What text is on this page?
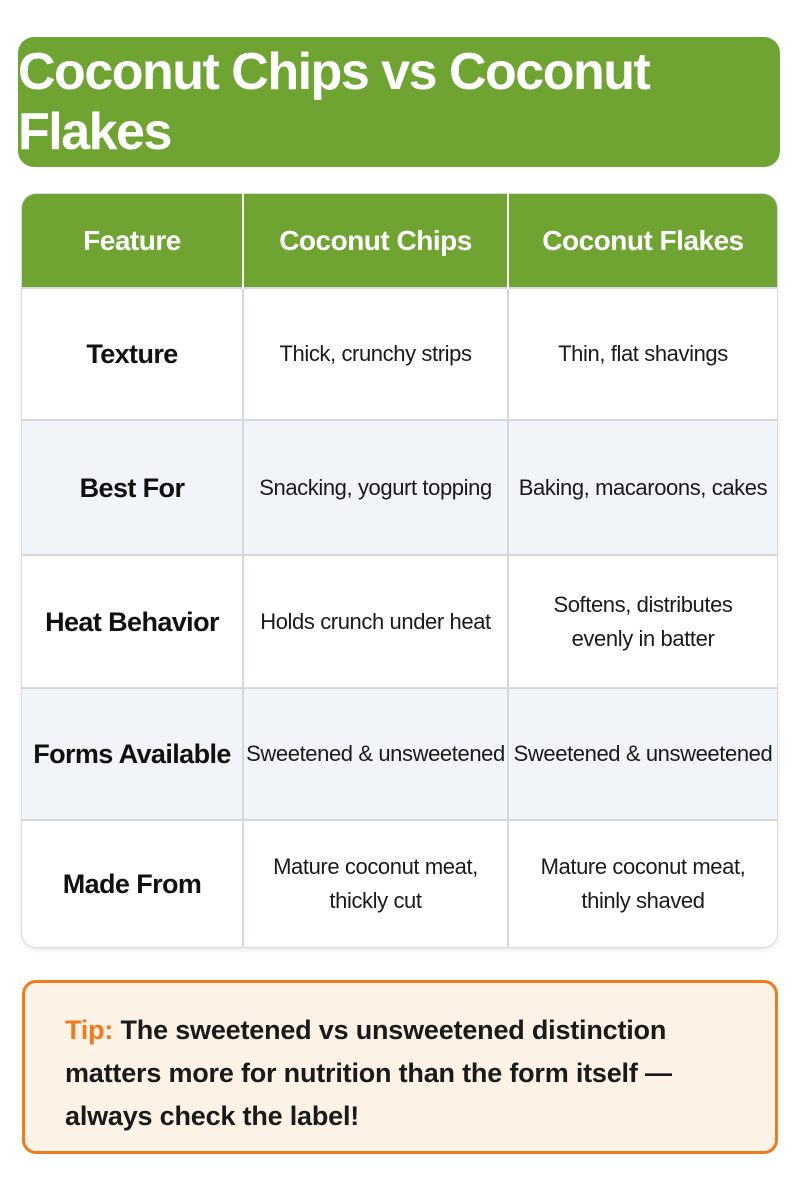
Coconut Chips vs Coconut Flakes
Feature	Coconut Chips	Coconut Flakes
Texture	Thick, crunchy strips	Thin, flat shavings
Best For	Snacking, yogurt topping	Baking, macaroons, cakes
Heat Behavior	Holds crunch under heat	Softens, distributes evenly in batter
Forms Available	Sweetened & unsweetened	Sweetened & unsweetened
Made From	Mature coconut meat, thickly cut	Mature coconut meat, thinly shaved
Tip: The sweetened vs unsweetened distinction matters more for nutrition than the form itself — always check the label!
